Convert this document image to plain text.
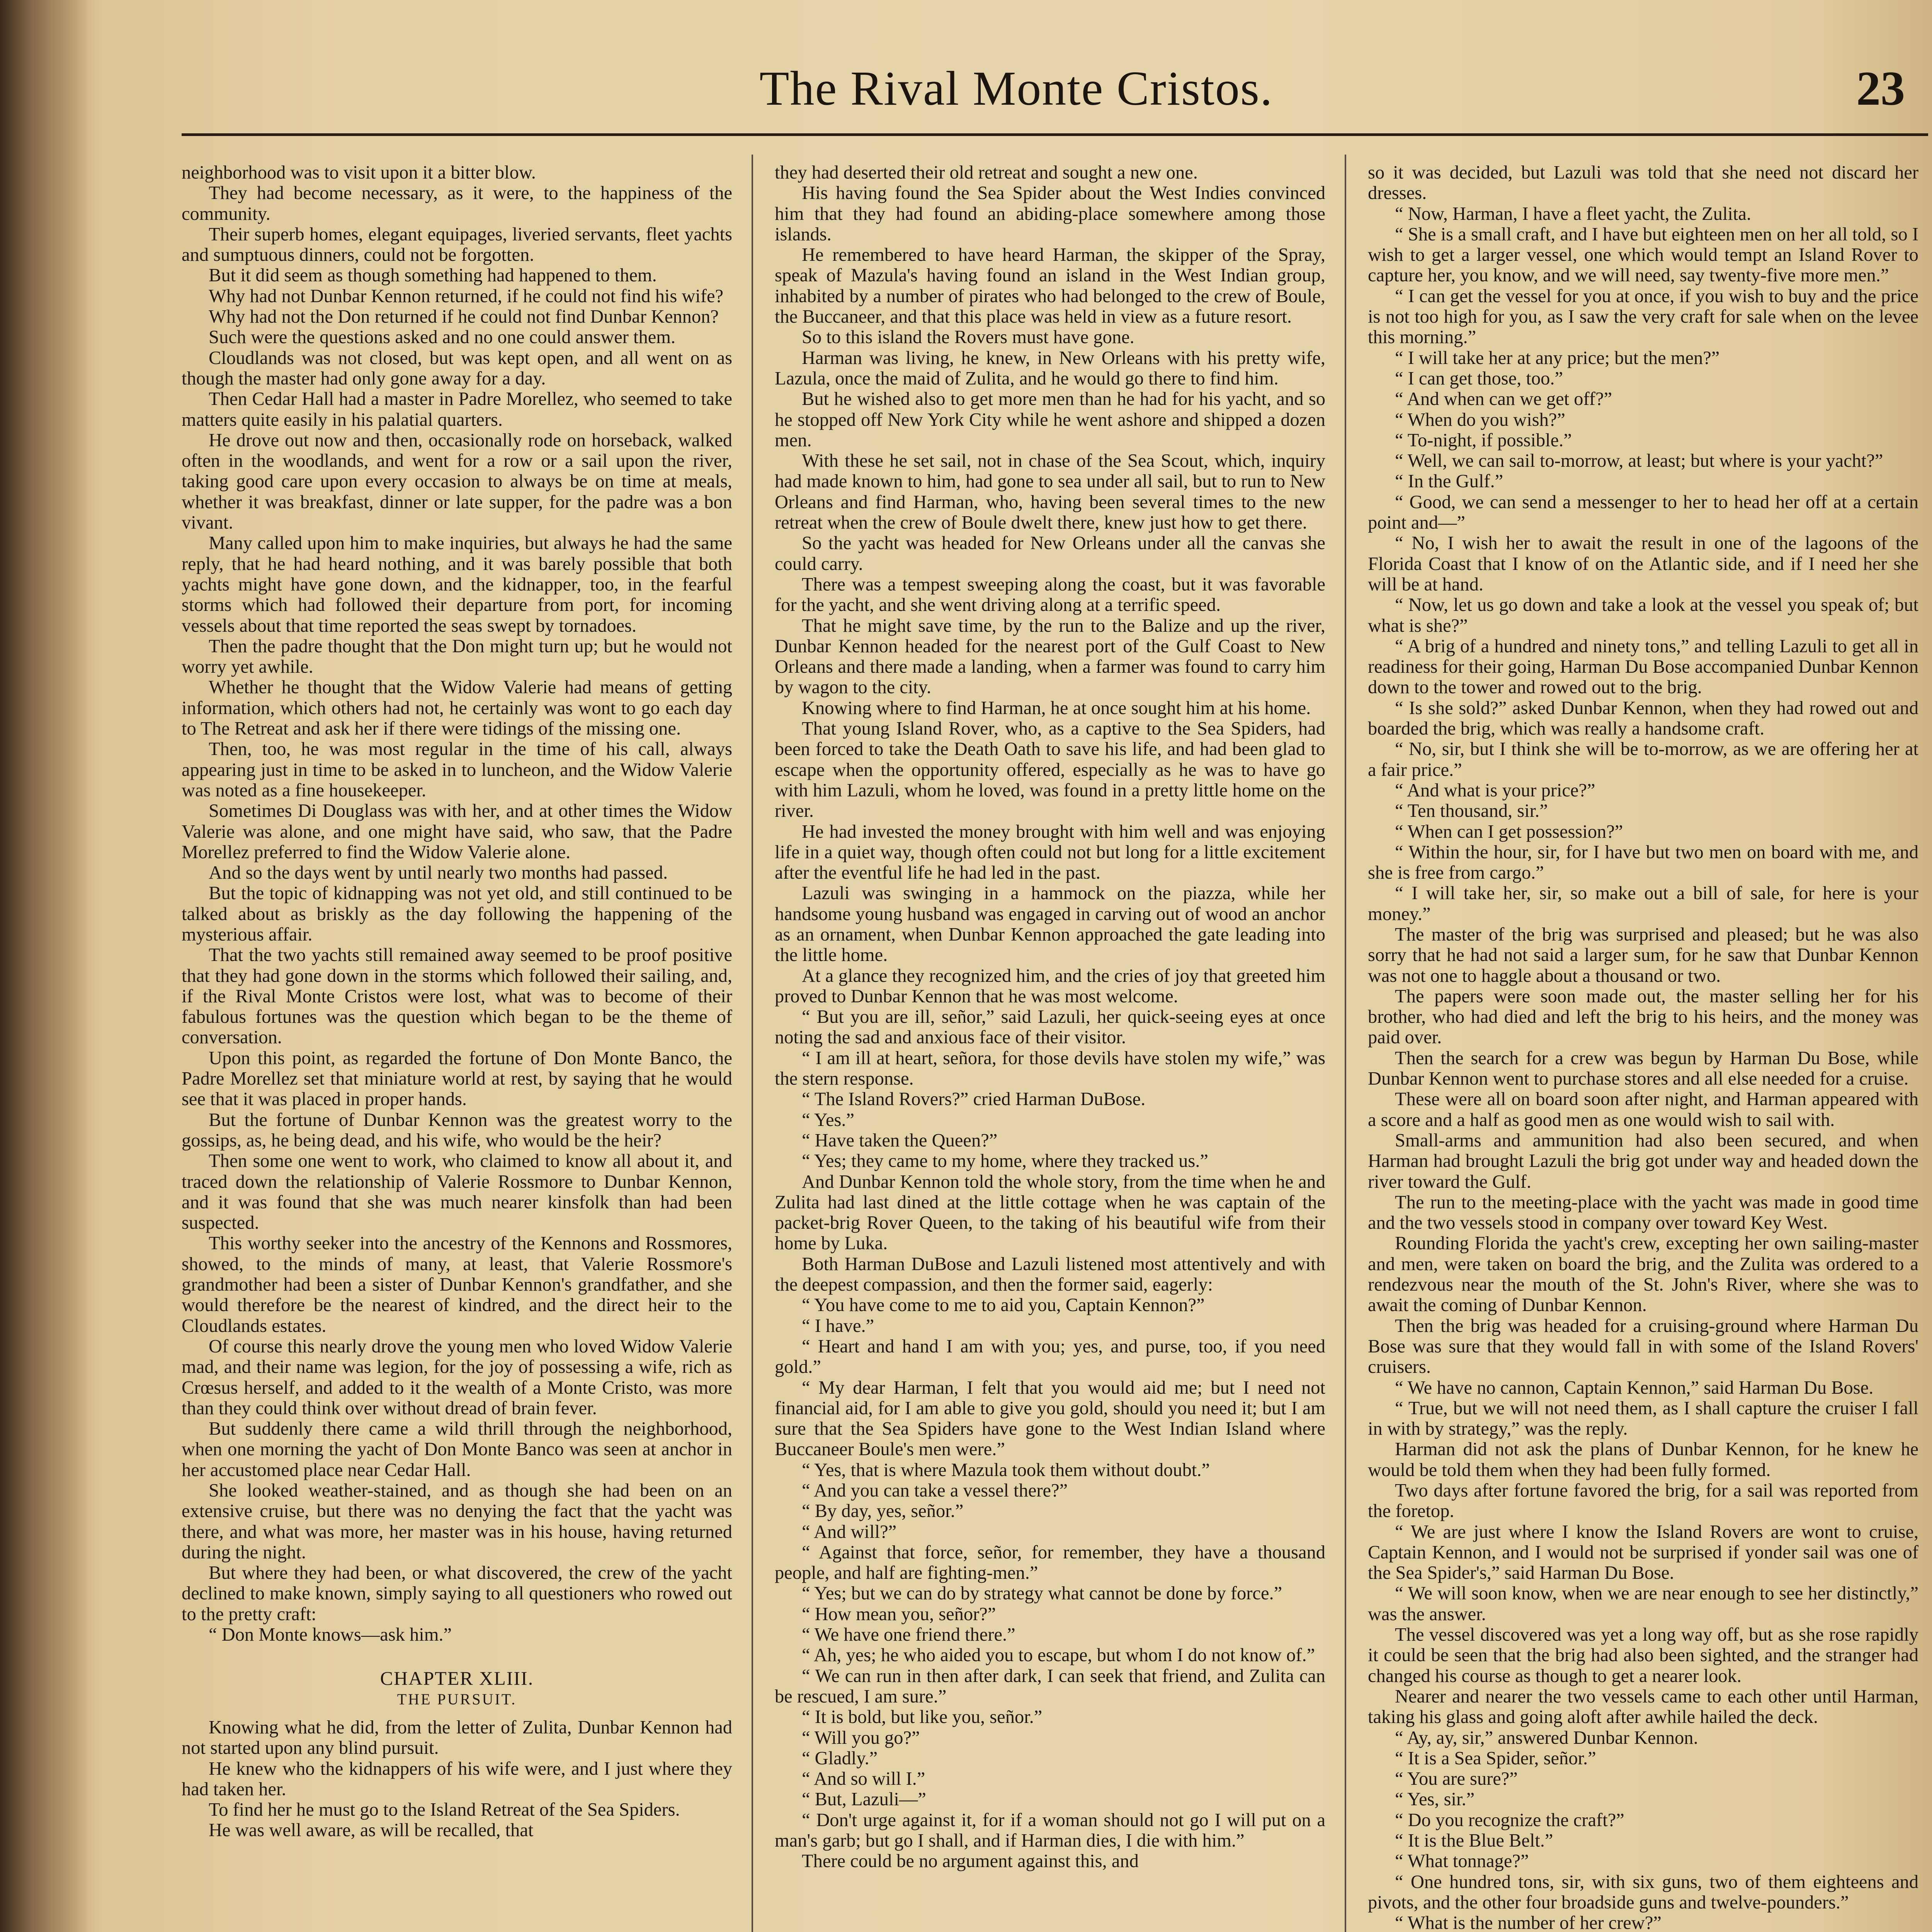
The Rival Monte Cristos.	23

neighborhood was to visit upon it a bitter blow.

They had become necessary, as it were, to the happiness of the community.

Their superb homes, elegant equipages, liveried servants, fleet yachts and sumptuous dinners, could not be forgotten.

But it did seem as though something had happened to them.

Why had not Dunbar Kennon returned, if he could not find his wife?

Why had not the Don returned if he could not find Dunbar Kennon?

Such were the questions asked and no one could answer them.

Cloudlands was not closed, but was kept open, and all went on as though the master had only gone away for a day.

Then Cedar Hall had a master in Padre Morellez, who seemed to take matters quite easily in his palatial quarters.

He drove out now and then, occasionally rode on horseback, walked often in the woodlands, and went for a row or a sail upon the river, taking good care upon every occasion to always be on time at meals, whether it was breakfast, dinner or late supper, for the padre was a bon vivant.

Many called upon him to make inquiries, but always he had the same reply, that he had heard nothing, and it was barely possible that both yachts might have gone down, and the kidnapper, too, in the fearful storms which had followed their departure from port, for incoming vessels about that time reported the seas swept by tornadoes.

Then the padre thought that the Don might turn up; but he would not worry yet awhile.

Whether he thought that the Widow Valerie had means of getting information, which others had not, he certainly was wont to go each day to The Retreat and ask her if there were tidings of the missing one.

Then, too, he was most regular in the time of his call, always appearing just in time to be asked in to luncheon, and the Widow Valerie was noted as a fine housekeeper.

Sometimes Di Douglass was with her, and at other times the Widow Valerie was alone, and one might have said, who saw, that the Padre Morellez preferred to find the Widow Valerie alone.

And so the days went by until nearly two months had passed.

But the topic of kidnapping was not yet old, and still continued to be talked about as briskly as the day following the happening of the mysterious affair.

That the two yachts still remained away seemed to be proof positive that they had gone down in the storms which followed their sailing, and, if the Rival Monte Cristos were lost, what was to become of their fabulous fortunes was the question which began to be the theme of conversation.

Upon this point, as regarded the fortune of Don Monte Banco, the Padre Morellez set that miniature world at rest, by saying that he would see that it was placed in proper hands.

But the fortune of Dunbar Kennon was the greatest worry to the gossips, as, he being dead, and his wife, who would be the heir?

Then some one went to work, who claimed to know all about it, and traced down the relationship of Valerie Rossmore to Dunbar Kennon, and it was found that she was much nearer kinsfolk than had been suspected.

This worthy seeker into the ancestry of the Kennons and Rossmores, showed, to the minds of many, at least, that Valerie Rossmore's grandmother had been a sister of Dunbar Kennon's grandfather, and she would therefore be the nearest of kindred, and the direct heir to the Cloudlands estates.

Of course this nearly drove the young men who loved Widow Valerie mad, and their name was legion, for the joy of possessing a wife, rich as Crœsus herself, and added to it the wealth of a Monte Cristo, was more than they could think over without dread of brain fever.

But suddenly there came a wild thrill through the neighborhood, when one morning the yacht of Don Monte Banco was seen at anchor in her accustomed place near Cedar Hall.

She looked weather-stained, and as though she had been on an extensive cruise, but there was no denying the fact that the yacht was there, and what was more, her master was in his house, having returned during the night.

But where they had been, or what discovered, the crew of the yacht declined to make known, simply saying to all questioners who rowed out to the pretty craft:

“ Don Monte knows—ask him.”

CHAPTER XLIII.

THE PURSUIT.

Knowing what he did, from the letter of Zulita, Dunbar Kennon had not started upon any blind pursuit.

He knew who the kidnappers of his wife were, and I just where they had taken her.

To find her he must go to the Island Retreat of the Sea Spiders.

He was well aware, as will be recalled, that

they had deserted their old retreat and sought a new one.

His having found the Sea Spider about the West Indies convinced him that they had found an abiding-place somewhere among those islands.

He remembered to have heard Harman, the skipper of the Spray, speak of Mazula's having found an island in the West Indian group, inhabited by a number of pirates who had belonged to the crew of Boule, the Buccaneer, and that this place was held in view as a future resort.

So to this island the Rovers must have gone.

Harman was living, he knew, in New Orleans with his pretty wife, Lazula, once the maid of Zulita, and he would go there to find him.

But he wished also to get more men than he had for his yacht, and so he stopped off New York City while he went ashore and shipped a dozen men.

With these he set sail, not in chase of the Sea Scout, which, inquiry had made known to him, had gone to sea under all sail, but to run to New Orleans and find Harman, who, having been several times to the new retreat when the crew of Boule dwelt there, knew just how to get there.

So the yacht was headed for New Orleans under all the canvas she could carry.

There was a tempest sweeping along the coast, but it was favorable for the yacht, and she went driving along at a terrific speed.

That he might save time, by the run to the Balize and up the river, Dunbar Kennon headed for the nearest port of the Gulf Coast to New Orleans and there made a landing, when a farmer was found to carry him by wagon to the city.

Knowing where to find Harman, he at once sought him at his home.

That young Island Rover, who, as a captive to the Sea Spiders, had been forced to take the Death Oath to save his life, and had been glad to escape when the opportunity offered, especially as he was to have go with him Lazuli, whom he loved, was found in a pretty little home on the river.

He had invested the money brought with him well and was enjoying life in a quiet way, though often could not but long for a little excitement after the eventful life he had led in the past.

Lazuli was swinging in a hammock on the piazza, while her handsome young husband was engaged in carving out of wood an anchor as an ornament, when Dunbar Kennon approached the gate leading into the little home.

At a glance they recognized him, and the cries of joy that greeted him proved to Dunbar Kennon that he was most welcome.

“ But you are ill, señor,” said Lazuli, her quick-seeing eyes at once noting the sad and anxious face of their visitor.

“ I am ill at heart, señora, for those devils have stolen my wife,” was the stern response.

“ The Island Rovers?” cried Harman DuBose.

“ Yes.”

“ Have taken the Queen?”

“ Yes; they came to my home, where they tracked us.”

And Dunbar Kennon told the whole story, from the time when he and Zulita had last dined at the little cottage when he was captain of the packet-brig Rover Queen, to the taking of his beautiful wife from their home by Luka.

Both Harman DuBose and Lazuli listened most attentively and with the deepest compassion, and then the former said, eagerly:

“ You have come to me to aid you, Captain Kennon?”

“ I have.”

“ Heart and hand I am with you; yes, and purse, too, if you need gold.”

“ My dear Harman, I felt that you would aid me; but I need not financial aid, for I am able to give you gold, should you need it; but I am sure that the Sea Spiders have gone to the West Indian Island where Buccaneer Boule's men were.”

“ Yes, that is where Mazula took them without doubt.”

“ And you can take a vessel there?”

“ By day, yes, señor.”

“ And will?”

“ Against that force, señor, for remember, they have a thousand people, and half are fighting-men.”

“ Yes; but we can do by strategy what cannot be done by force.”

“ How mean you, señor?”

“ We have one friend there.”

“ Ah, yes; he who aided you to escape, but whom I do not know of.”

“ We can run in then after dark, I can seek that friend, and Zulita can be rescued, I am sure.”

“ It is bold, but like you, señor.”

“ Will you go?”

“ Gladly.”

“ And so will I.”

“ But, Lazuli—”

“ Don't urge against it, for if a woman should not go I will put on a man's garb; but go I shall, and if Harman dies, I die with him.”

There could be no argument against this, and

so it was decided, but Lazuli was told that she need not discard her dresses.

“ Now, Harman, I have a fleet yacht, the Zulita.

“ She is a small craft, and I have but eighteen men on her all told, so I wish to get a larger vessel, one which would tempt an Island Rover to capture her, you know, and we will need, say twenty-five more men.”

“ I can get the vessel for you at once, if you wish to buy and the price is not too high for you, as I saw the very craft for sale when on the levee this morning.”

“ I will take her at any price; but the men?”

“ I can get those, too.”

“ And when can we get off?”

“ When do you wish?”

“ To-night, if possible.”

“ Well, we can sail to-morrow, at least; but where is your yacht?”

“ In the Gulf.”

“ Good, we can send a messenger to her to head her off at a certain point and—”

“ No, I wish her to await the result in one of the lagoons of the Florida Coast that I know of on the Atlantic side, and if I need her she will be at hand.

“ Now, let us go down and take a look at the vessel you speak of; but what is she?”

“ A brig of a hundred and ninety tons,” and telling Lazuli to get all in readiness for their going, Harman Du Bose accompanied Dunbar Kennon down to the tower and rowed out to the brig.

“ Is she sold?” asked Dunbar Kennon, when they had rowed out and boarded the brig, which was really a handsome craft.

“ No, sir, but I think she will be to-morrow, as we are offering her at a fair price.”

“ And what is your price?”

“ Ten thousand, sir.”

“ When can I get possession?”

“ Within the hour, sir, for I have but two men on board with me, and she is free from cargo.”

“ I will take her, sir, so make out a bill of sale, for here is your money.”

The master of the brig was surprised and pleased; but he was also sorry that he had not said a larger sum, for he saw that Dunbar Kennon was not one to haggle about a thousand or two.

The papers were soon made out, the master selling her for his brother, who had died and left the brig to his heirs, and the money was paid over.

Then the search for a crew was begun by Harman Du Bose, while Dunbar Kennon went to purchase stores and all else needed for a cruise.

These were all on board soon after night, and Harman appeared with a score and a half as good men as one would wish to sail with.

Small-arms and ammunition had also been secured, and when Harman had brought Lazuli the brig got under way and headed down the river toward the Gulf.

The run to the meeting-place with the yacht was made in good time and the two vessels stood in company over toward Key West.

Rounding Florida the yacht's crew, excepting her own sailing-master and men, were taken on board the brig, and the Zulita was ordered to a rendezvous near the mouth of the St. John's River, where she was to await the coming of Dunbar Kennon.

Then the brig was headed for a cruising-ground where Harman Du Bose was sure that they would fall in with some of the Island Rovers' cruisers.

“ We have no cannon, Captain Kennon,” said Harman Du Bose.

“ True, but we will not need them, as I shall capture the cruiser I fall in with by strategy,” was the reply.

Harman did not ask the plans of Dunbar Kennon, for he knew he would be told them when they had been fully formed.

Two days after fortune favored the brig, for a sail was reported from the foretop.

“ We are just where I know the Island Rovers are wont to cruise, Captain Kennon, and I would not be surprised if yonder sail was one of the Sea Spider's,” said Harman Du Bose.

“ We will soon know, when we are near enough to see her distinctly,” was the answer.

The vessel discovered was yet a long way off, but as she rose rapidly it could be seen that the brig had also been sighted, and the stranger had changed his course as though to get a nearer look.

Nearer and nearer the two vessels came to each other until Harman, taking his glass and going aloft after awhile hailed the deck.

“ Ay, ay, sir,” answered Dunbar Kennon.

“ It is a Sea Spider, señor.”

“ You are sure?”

“ Yes, sir.”

“ Do you recognize the craft?”

“ It is the Blue Belt.”

“ What tonnage?”

“ One hundred tons, sir, with six guns, two of them eighteens and pivots, and the other four broadside guns and twelve-pounders.”

“ What is the number of her crew?”
